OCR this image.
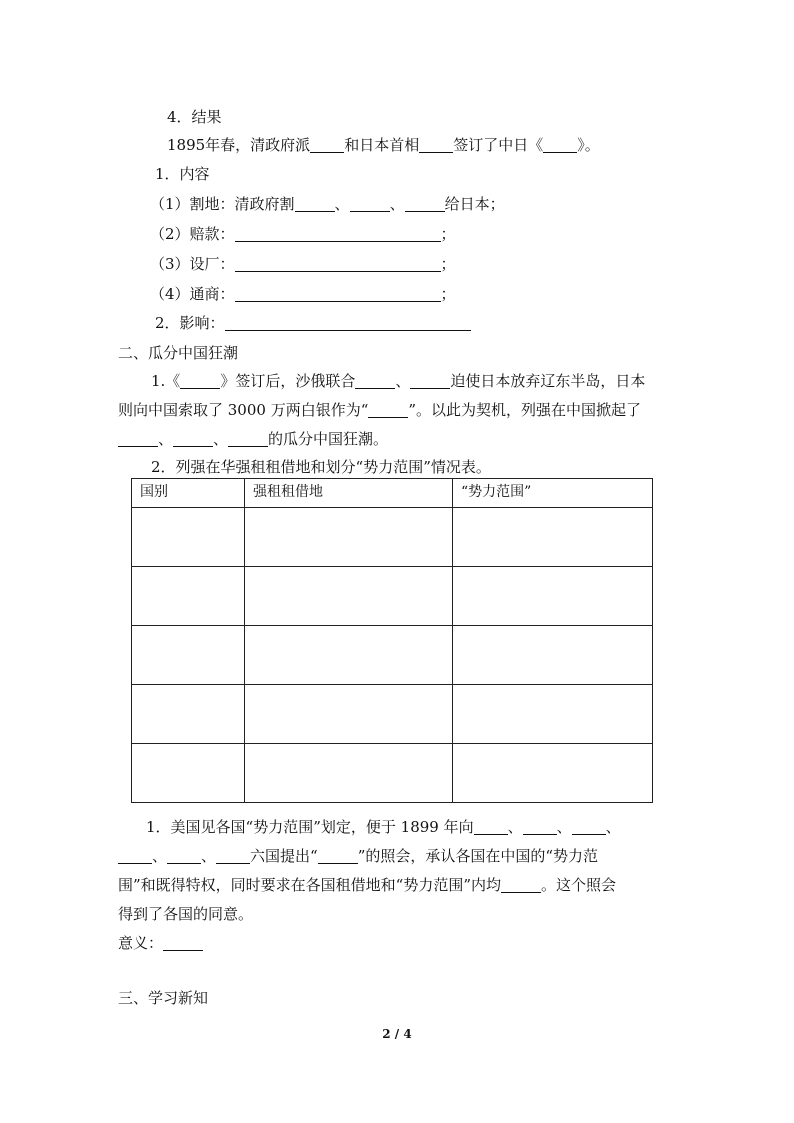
4．结果

1895年春，清政府派 和日本首相 签订了中日《 》。

1．内容

（1）割地：清政府割	、	、	给日本；

（2）赔款：	；

（3）设厂：	；

（4）通商：	；

2．影响：

二、瓜分中国狂潮

1.《	》签订后，沙俄联合	、	迫使日本放弃辽东半岛，日本

则向中国索取了 3000 万两白银作为“	”。以此为契机，列强在中国掀起了

、	、	的瓜分中国狂潮。

2．列强在华强租租借地和划分“势力范围”情况表。

国别	强租租借地	“势力范围”

1．美国见各国“势力范围”划定，便于 1899 年向 、 、 、

、 、 六国提出“	”的照会，承认各国在中国的“势力范

围”和既得特权，同时要求在各国租借地和“势力范围”内均	。这个照会

得到了各国的同意。

意义：

三、学习新知

2 / 4
